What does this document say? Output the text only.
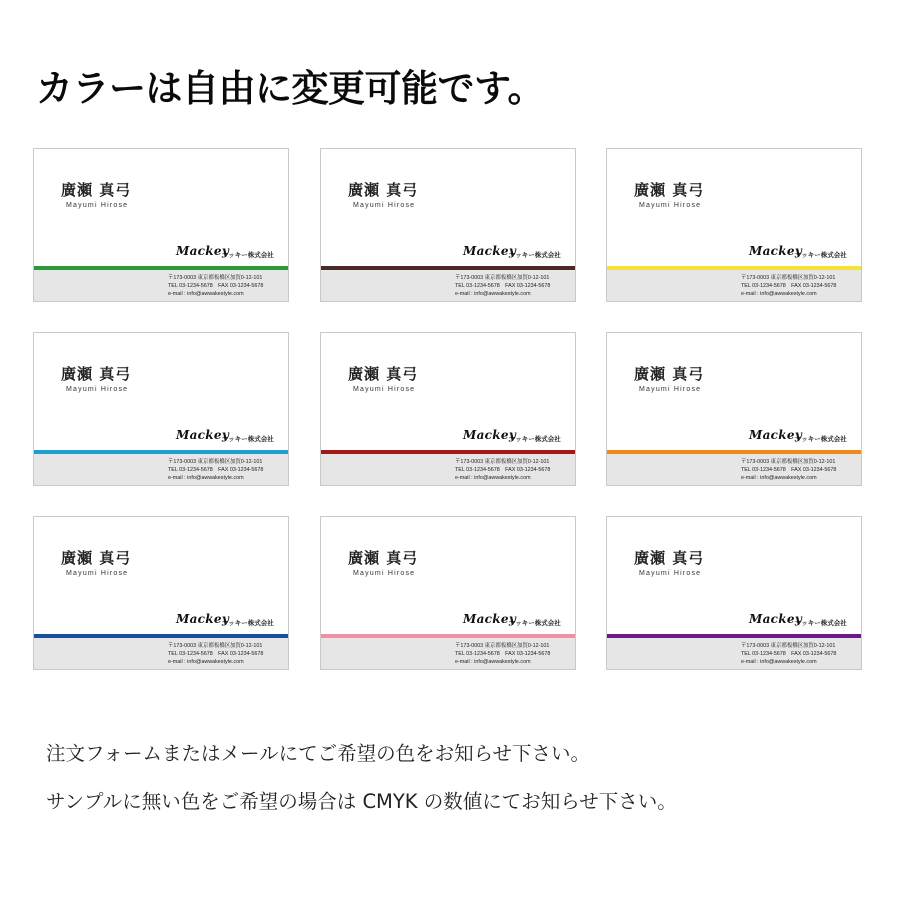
カラーは自由に変更可能です。
廣瀬 真弓
Mayumi Hirose
Mackey
マッキー株式会社
〒173-0003 東京都板橋区加賀0-12-101
TEL 03-1234-5678　FAX 03-1234-5678
e-mail : info@awwakestyle.com
廣瀬 真弓
Mayumi Hirose
Mackey
マッキー株式会社
〒173-0003 東京都板橋区加賀0-12-101
TEL 03-1234-5678　FAX 03-1234-5678
e-mail : info@awwakestyle.com
廣瀬 真弓
Mayumi Hirose
Mackey
マッキー株式会社
〒173-0003 東京都板橋区加賀0-12-101
TEL 03-1234-5678　FAX 03-1234-5678
e-mail : info@awwakestyle.com
廣瀬 真弓
Mayumi Hirose
Mackey
マッキー株式会社
〒173-0003 東京都板橋区加賀0-12-101
TEL 03-1234-5678　FAX 03-1234-5678
e-mail : info@awwakestyle.com
廣瀬 真弓
Mayumi Hirose
Mackey
マッキー株式会社
〒173-0003 東京都板橋区加賀0-12-101
TEL 03-1234-5678　FAX 03-1234-5678
e-mail : info@awwakestyle.com
廣瀬 真弓
Mayumi Hirose
Mackey
マッキー株式会社
〒173-0003 東京都板橋区加賀0-12-101
TEL 03-1234-5678　FAX 03-1234-5678
e-mail : info@awwakestyle.com
廣瀬 真弓
Mayumi Hirose
Mackey
マッキー株式会社
〒173-0003 東京都板橋区加賀0-12-101
TEL 03-1234-5678　FAX 03-1234-5678
e-mail : info@awwakestyle.com
廣瀬 真弓
Mayumi Hirose
Mackey
マッキー株式会社
〒173-0003 東京都板橋区加賀0-12-101
TEL 03-1234-5678　FAX 03-1234-5678
e-mail : info@awwakestyle.com
廣瀬 真弓
Mayumi Hirose
Mackey
マッキー株式会社
〒173-0003 東京都板橋区加賀0-12-101
TEL 03-1234-5678　FAX 03-1234-5678
e-mail : info@awwakestyle.com

注文フォームまたはメールにてご希望の色をお知らせ下さい。

サンプルに無い色をご希望の場合は CMYK の数値にてお知らせ下さい。
